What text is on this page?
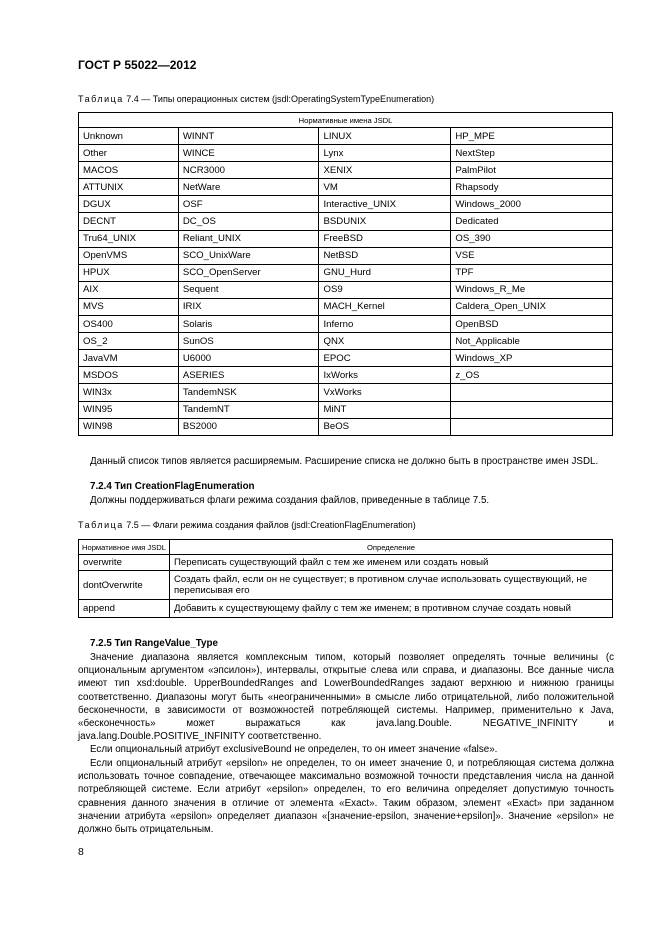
ГОСТ Р 55022—2012
Таблица 7.4 — Типы операционных систем (jsdl:OperatingSystemTypeEnumeration)
Нормативные имена JSDL			
Unknown	WINNT	LINUX	HP_MPE
Other	WINCE	Lynx	NextStep
MACOS	NCR3000	XENIX	PalmPilot
ATTUNIX	NetWare	VM	Rhapsody
DGUX	OSF	Interactive_UNIX	Windows_2000
DECNT	DC_OS	BSDUNIX	Dedicated
Tru64_UNIX	Reliant_UNIX	FreeBSD	OS_390
OpenVMS	SCO_UnixWare	NetBSD	VSE
HPUX	SCO_OpenServer	GNU_Hurd	TPF
AIX	Sequent	OS9	Windows_R_Me
MVS	IRIX	MACH_Kernel	Caldera_Open_UNIX
OS400	Solaris	Inferno	OpenBSD
OS_2	SunOS	QNX	Not_Applicable
JavaVM	U6000	EPOC	Windows_XP
MSDOS	ASERIES	IxWorks	z_OS
WIN3x	TandemNSK	VxWorks	
WIN95	TandemNT	MiNT	
WIN98	BS2000	BeOS	
Данный список типов является расширяемым. Расширение списка не должно быть в пространстве имен JSDL.
7.2.4 Тип CreationFlagEnumeration
Должны поддерживаться флаги режима создания файлов, приведенные в таблице 7.5.
Таблица 7.5 — Флаги режима создания файлов (jsdl:CreationFlagEnumeration)
Нормативное имя JSDL	Определение
overwrite	Переписать существующий файл с тем же именем или создать новый
dontOverwrite	Создать файл, если он не существует; в противном случае использовать существующий, не переписывая его
append	Добавить к существующему файлу с тем же именем; в противном случае создать новый
7.2.5 Тип RangeValue_Type
Значение диапазона является комплексным типом, который позволяет определять точные величины (с опциональным аргументом «эпсилон»), интервалы, открытые слева или справа, и диапазоны. Все данные числа имеют тип xsd:double. UpperBoundedRanges and LowerBoundedRanges задают верхнюю и нижнюю границы соответственно. Диапазоны могут быть «неограниченными» в смысле либо отрицательной, либо положительной бесконечности, в зависимости от возможностей потребляющей системы. Например, применительно к Java, «бесконечность» может выражаться как java.lang.Double. NEGATIVE_INFINITY и java.lang.Double.POSITIVE_INFINITY соответственно.
Если опциональный атрибут exclusiveBound не определен, то он имеет значение «false».
Если опциональный атрибут «epsilon» не определен, то он имеет значение 0, и потребляющая система должна использовать точное совпадение, отвечающее максимально возможной точности представления числа на данной потребляющей системе. Если атрибут «epsilon» определен, то его величина определяет допустимую точность сравнения данного значения в отличие от элемента «Exact». Таким образом, элемент «Exact» при заданном значении атрибута «epsilon» определяет диапазон «[значение-epsilon, значение+epsilon]». Значение «epsilon» не должно быть отрицательным.
8
